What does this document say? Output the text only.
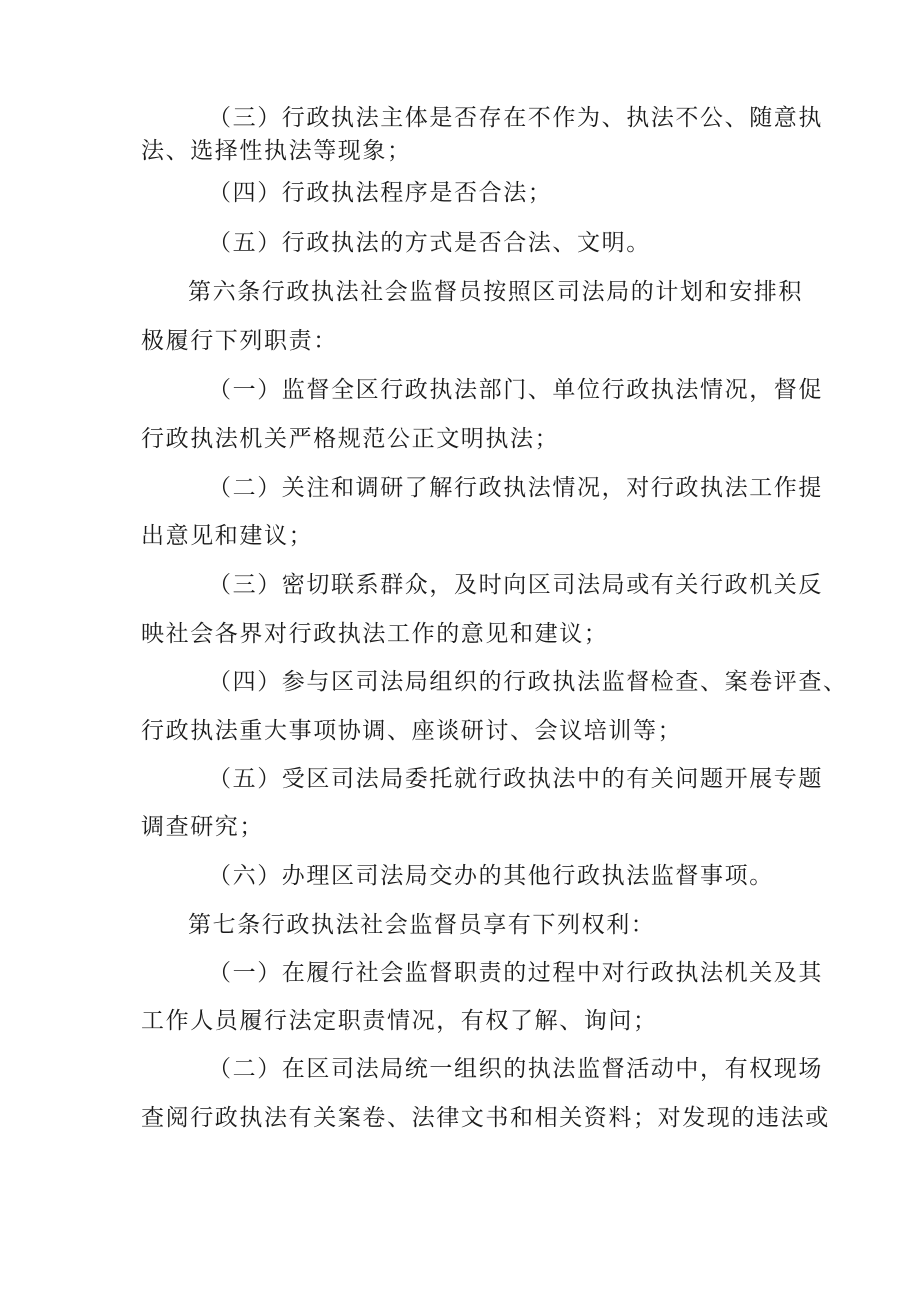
（三）行政执法主体是否存在不作为、执法不公、随意执
法、选择性执法等现象；
（四）行政执法程序是否合法；
（五）行政执法的方式是否合法、文明。
第六条行政执法社会监督员按照区司法局的计划和安排积
极履行下列职责：
（一）监督全区行政执法部门、单位行政执法情况，督促
行政执法机关严格规范公正文明执法；
（二）关注和调研了解行政执法情况，对行政执法工作提
出意见和建议；
（三）密切联系群众，及时向区司法局或有关行政机关反
映社会各界对行政执法工作的意见和建议；
（四）参与区司法局组织的行政执法监督检查、案卷评查、
行政执法重大事项协调、座谈研讨、会议培训等；
（五）受区司法局委托就行政执法中的有关问题开展专题
调查研究；
（六）办理区司法局交办的其他行政执法监督事项。
第七条行政执法社会监督员享有下列权利：
（一）在履行社会监督职责的过程中对行政执法机关及其
工作人员履行法定职责情况，有权了解、询问；
（二）在区司法局统一组织的执法监督活动中，有权现场
查阅行政执法有关案卷、法律文书和相关资料；对发现的违法或
